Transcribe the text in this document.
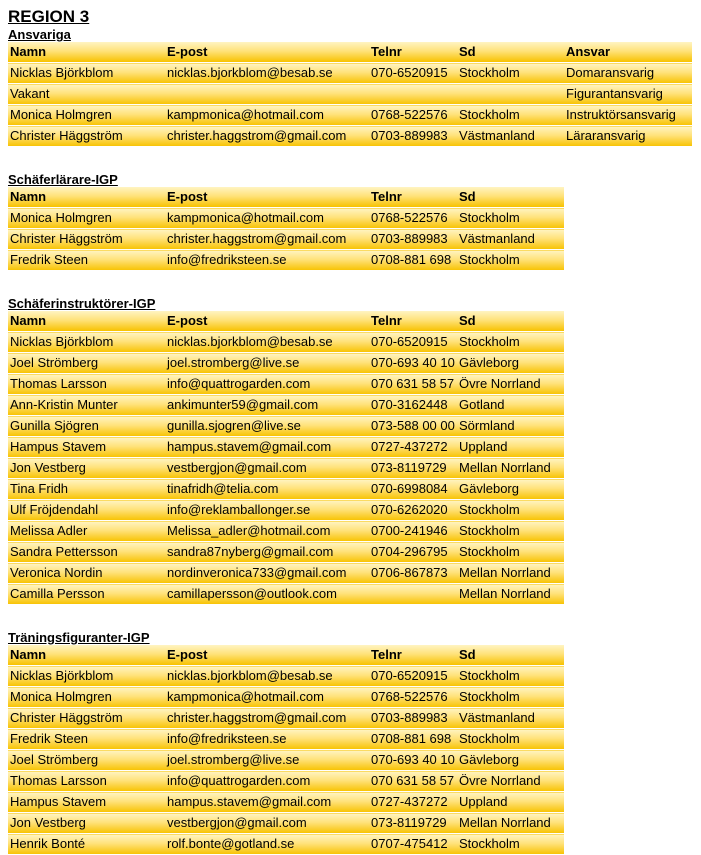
REGION 3
Ansvariga
Namn	E-post	Telnr	Sd	Ansvar
Nicklas Björkblom	nicklas.bjorkblom@besab.se	070-6520915	Stockholm	Domaransvarig
Vakant				Figurantansvarig
Monica Holmgren	kampmonica@hotmail.com	0768-522576	Stockholm	Instruktörsansvarig
Christer Häggström	christer.haggstrom@gmail.com	0703-889983	Västmanland	Läraransvarig
Schäferlärare-IGP
Namn	E-post	Telnr	Sd
Monica Holmgren	kampmonica@hotmail.com	0768-522576	Stockholm
Christer Häggström	christer.haggstrom@gmail.com	0703-889983	Västmanland
Fredrik Steen	info@fredriksteen.se	0708-881 698	Stockholm
Schäferinstruktörer-IGP
Namn	E-post	Telnr	Sd
Nicklas Björkblom	nicklas.bjorkblom@besab.se	070-6520915	Stockholm
Joel Strömberg	joel.stromberg@live.se	070-693 40 10	Gävleborg
Thomas Larsson	info@quattrogarden.com	070 631 58 57	Övre Norrland
Ann-Kristin Munter	ankimunter59@gmail.com	070-3162448	Gotland
Gunilla Sjögren	gunilla.sjogren@live.se	073-588 00 00	Sörmland
Hampus Stavem	hampus.stavem@gmail.com	0727-437272	Uppland
Jon Vestberg	vestbergjon@gmail.com	073-8119729	Mellan Norrland
Tina Fridh	tinafridh@telia.com	070-6998084	Gävleborg
Ulf Fröjdendahl	info@reklamballonger.se	070-6262020	Stockholm
Melissa Adler	Melissa_adler@hotmail.com	0700-241946	Stockholm
Sandra Pettersson	sandra87nyberg@gmail.com	0704-296795	Stockholm
Veronica Nordin	nordinveronica733@gmail.com	0706-867873	Mellan Norrland
Camilla Persson	camillapersson@outlook.com		Mellan Norrland
Träningsfiguranter-IGP
Namn	E-post	Telnr	Sd
Nicklas Björkblom	nicklas.bjorkblom@besab.se	070-6520915	Stockholm
Monica Holmgren	kampmonica@hotmail.com	0768-522576	Stockholm
Christer Häggström	christer.haggstrom@gmail.com	0703-889983	Västmanland
Fredrik Steen	info@fredriksteen.se	0708-881 698	Stockholm
Joel Strömberg	joel.stromberg@live.se	070-693 40 10	Gävleborg
Thomas Larsson	info@quattrogarden.com	070 631 58 57	Övre Norrland
Hampus Stavem	hampus.stavem@gmail.com	0727-437272	Uppland
Jon Vestberg	vestbergjon@gmail.com	073-8119729	Mellan Norrland
Henrik Bonté	rolf.bonte@gotland.se	0707-475412	Stockholm
